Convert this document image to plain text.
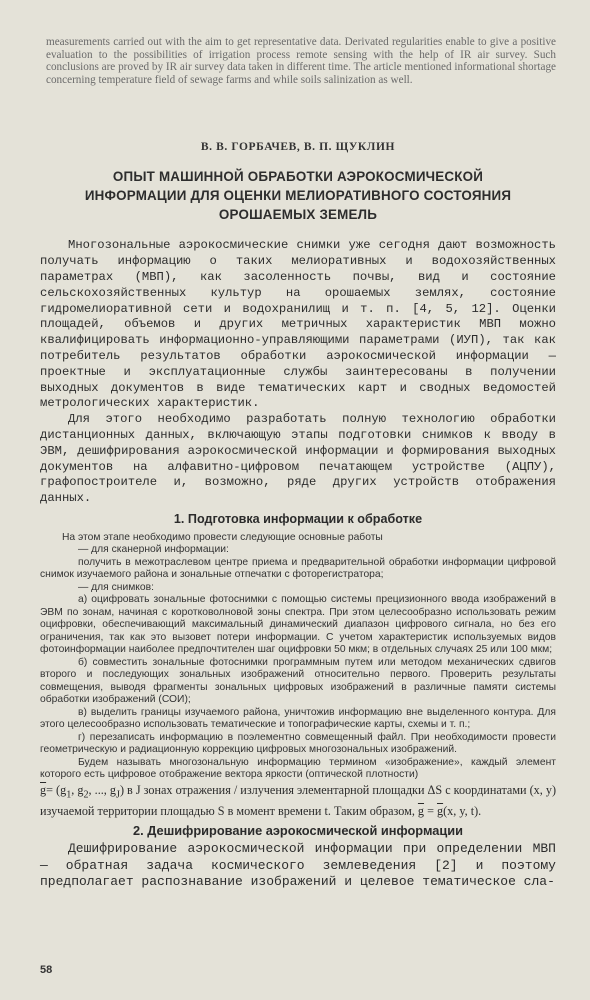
measurements carried out with the aim to get representative data. Derivated regularities enable to give a positive evaluation to the possibilities of irrigation process remote sensing with the help of IR air survey. Such conclusions are proved by IR air survey data taken in different time. The article mentioned informational shortage concerning temperature field of sewage farms and while soils salinization as well.
В. В. ГОРБАЧЕВ, В. П. ЩУКЛИН
ОПЫТ МАШИННОЙ ОБРАБОТКИ АЭРОКОСМИЧЕСКОЙ
ИНФОРМАЦИИ ДЛЯ ОЦЕНКИ МЕЛИОРАТИВНОГО СОСТОЯНИЯ
ОРОШАЕМЫХ ЗЕМЕЛЬ

Многозональные аэрокосмические снимки уже сегодня дают возможность получать информацию о таких мелиоративных и водохозяйственных параметрах (МВП), как засоленность почвы, вид и состояние сельскохозяйственных культур на орошаемых землях, состояние гидромелиоративной сети и водохранилищ и т. п. [4, 5, 12]. Оценки площадей, объемов и других метричных характеристик МВП можно квалифицировать информационно-управляющими параметрами (ИУП), так как потребитель результатов обработки аэрокосмической информации — проектные и эксплуатационные службы заинтересованы в получении выходных документов в виде тематических карт и сводных ведомостей метрологических характеристик.

Для этого необходимо разработать полную технологию обработки дистанционных данных, включающую этапы подготовки снимков к вводу в ЭВМ, дешифрирования аэрокосмической информации и формирования выходных документов на алфавитно-цифровом печатающем устройстве (АЦПУ), графопостроителе и, возможно, ряде других устройств отображения данных.

1. Подготовка информации к обработке

На этом этапе необходимо провести следующие основные работы

— для сканерной информации:

получить в межотраслевом центре приема и предварительной обработки информации цифровой снимок изучаемого района и зональные отпечатки с фоторегистратора;

— для снимков:

а) оцифровать зональные фотоснимки с помощью системы прецизионного ввода изображений в ЭВМ по зонам, начиная с коротковолновой зоны спектра. При этом целесообразно использовать режим оцифровки, обеспечивающий максимальный динамический диапазон цифрового сигнала, но без его ограничения, так как это вызовет потери информации. С учетом характеристик используемых видов фотоинформации наиболее предпочтителен шаг оцифровки 50 мкм; в отдельных случаях 25 или 100 мкм;

б) совместить зональные фотоснимки программным путем или методом механических сдвигов второго и последующих зональных изображений относительно первого. Проверить результаты совмещения, выводя фрагменты зональных цифровых изображений в различные памяти системы обработки изображений (СОИ);

в) выделить границы изучаемого района, уничтожив информацию вне выделенного контура. Для этого целесообразно использовать тематические и топографические карты, схемы и т. п.;

г) перезаписать информацию в поэлементно совмещенный файл. При необходимости провести геометрическую и радиационную коррекцию цифровых многозональных изображений.

Будем называть многозональную информацию термином «изображение», каждый элемент которого есть цифровое отображение вектора яркости (оптической плотности)

$\overline{g}= (g_1$, $g_2$, ..., $g_J$) в J зонах отражения / излучения элементарной площадки ΔS с координатами (x, y) изучаемой территории площадью S в момент времени t. Таким образом, $\overline{g} = \overline{g}(x$, y, t).
2. Дешифрирование аэрокосмической информации

Дешифрирование аэрокосмической информации при определении МВП — обратная задача космического землеведения [2] и поэтому предполагает распознавание изображений и целевое тематическое сла-

58
